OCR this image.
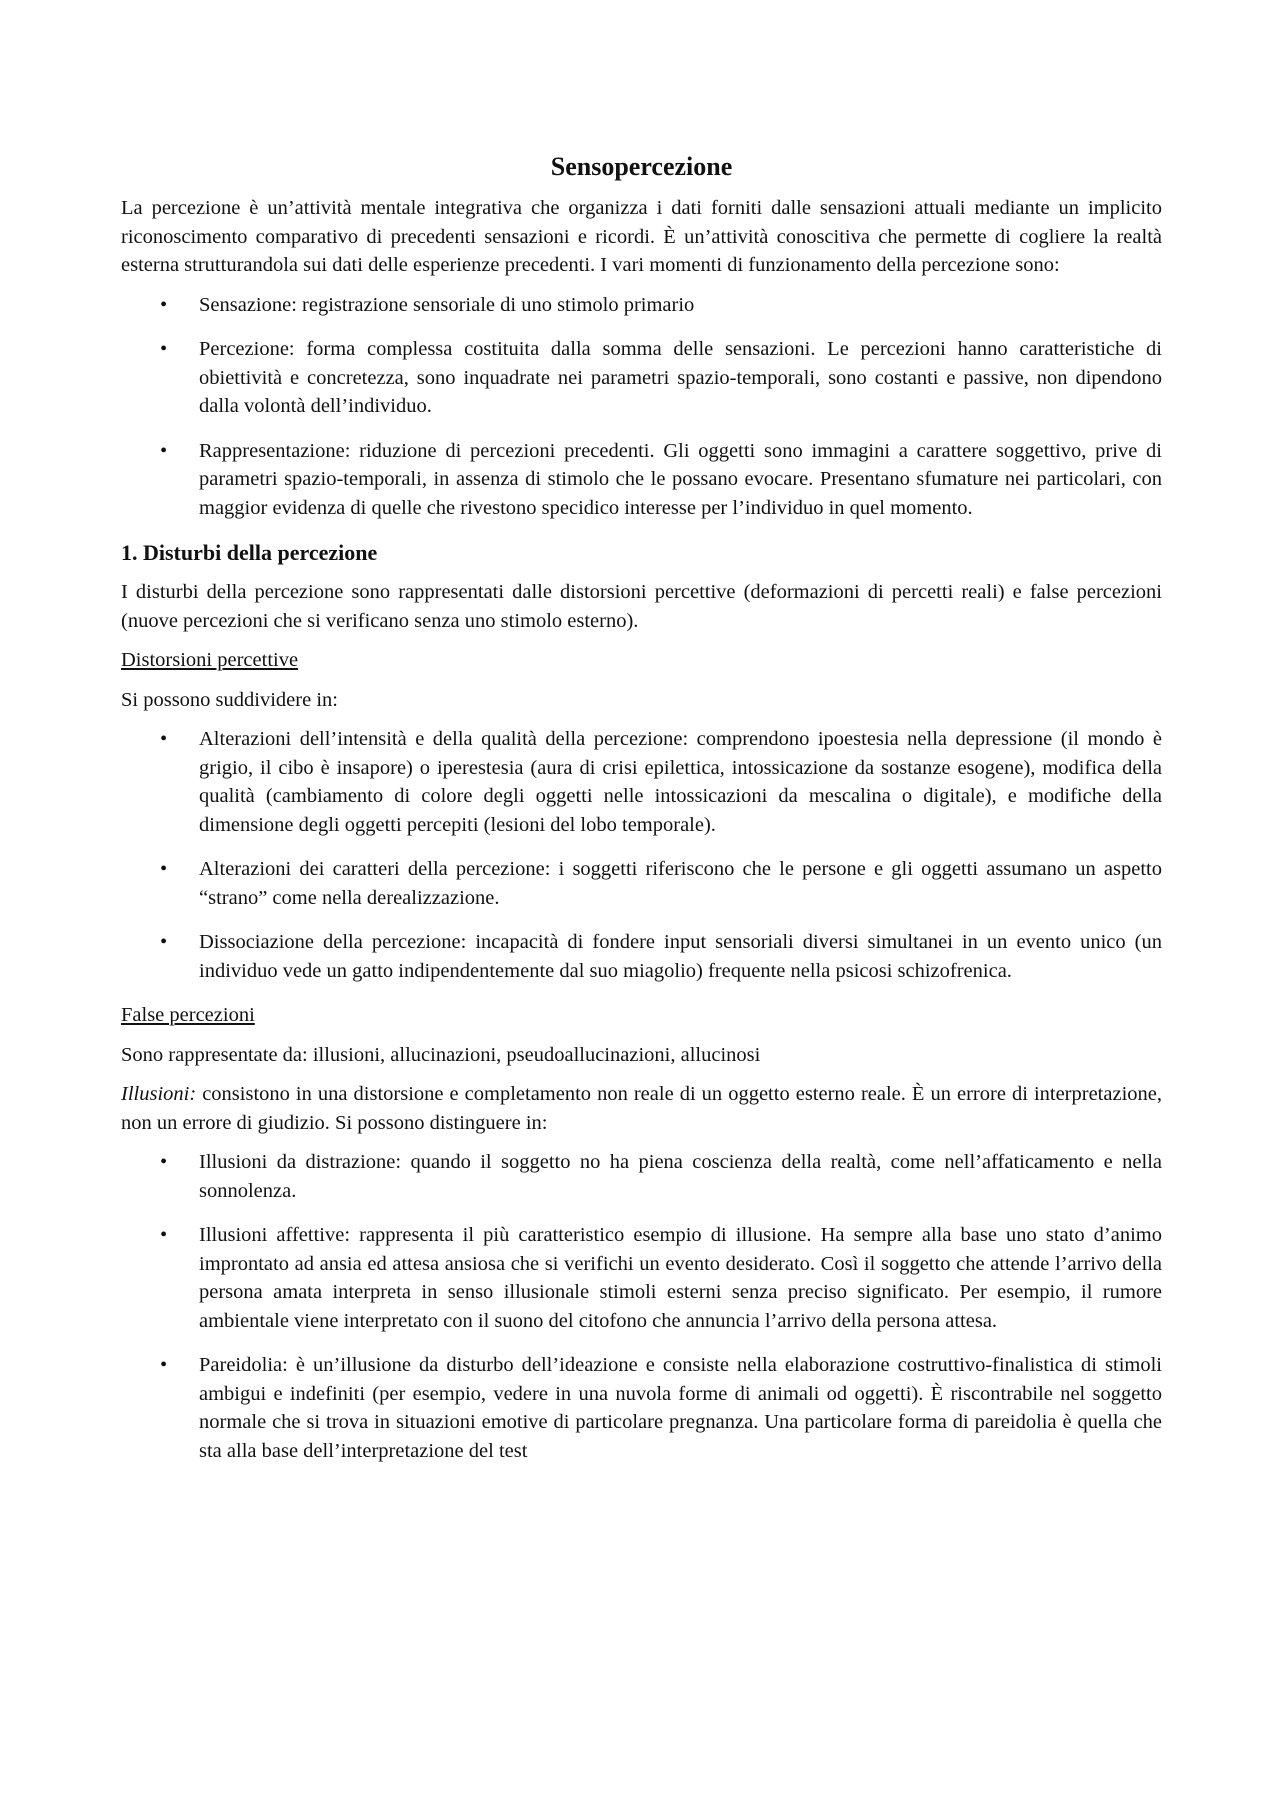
Sensopercezione

La percezione è un’attività mentale integrativa che organizza i dati forniti dalle sensazioni attuali mediante un implicito riconoscimento comparativo di precedenti sensazioni e ricordi. È un’attività conoscitiva che permette di cogliere la realtà esterna strutturandola sui dati delle esperienze precedenti. I vari momenti di funzionamento della percezione sono:

• Sensazione: registrazione sensoriale di uno stimolo primario
• Percezione: forma complessa costituita dalla somma delle sensazioni. Le percezioni hanno caratteristiche di obiettività e concretezza, sono inquadrate nei parametri spazio-temporali, sono costanti e passive, non dipendono dalla volontà dell’individuo.
• Rappresentazione: riduzione di percezioni precedenti. Gli oggetti sono immagini a carattere soggettivo, prive di parametri spazio-temporali, in assenza di stimolo che le possano evocare. Presentano sfumature nei particolari, con maggior evidenza di quelle che rivestono specidico interesse per l’individuo in quel momento.
1. Disturbi della percezione

I disturbi della percezione sono rappresentati dalle distorsioni percettive (deformazioni di percetti reali) e false percezioni (nuove percezioni che si verificano senza uno stimolo esterno).

Distorsioni percettive

Si possono suddividere in:

• Alterazioni dell’intensità e della qualità della percezione: comprendono ipoestesia nella depressione (il mondo è grigio, il cibo è insapore) o iperestesia (aura di crisi epilettica, intossicazione da sostanze esogene), modifica della qualità (cambiamento di colore degli oggetti nelle intossicazioni da mescalina o digitale), e modifiche della dimensione degli oggetti percepiti (lesioni del lobo temporale).
• Alterazioni dei caratteri della percezione: i soggetti riferiscono che le persone e gli oggetti assumano un aspetto “strano” come nella derealizzazione.
• Dissociazione della percezione: incapacità di fondere input sensoriali diversi simultanei in un evento unico (un individuo vede un gatto indipendentemente dal suo miagolio) frequente nella psicosi schizofrenica.

False percezioni

Sono rappresentate da: illusioni, allucinazioni, pseudoallucinazioni, allucinosi

Illusioni: consistono in una distorsione e completamento non reale di un oggetto esterno reale. È un errore di interpretazione, non un errore di giudizio. Si possono distinguere in:

• Illusioni da distrazione: quando il soggetto no ha piena coscienza della realtà, come nell’affaticamento e nella sonnolenza.
• Illusioni affettive: rappresenta il più caratteristico esempio di illusione. Ha sempre alla base uno stato d’animo improntato ad ansia ed attesa ansiosa che si verifichi un evento desiderato. Così il soggetto che attende l’arrivo della persona amata interpreta in senso illusionale stimoli esterni senza preciso significato. Per esempio, il rumore ambientale viene interpretato con il suono del citofono che annuncia l’arrivo della persona attesa.
• Pareidolia: è un’illusione da disturbo dell’ideazione e consiste nella elaborazione costruttivo-finalistica di stimoli ambigui e indefiniti (per esempio, vedere in una nuvola forme di animali od oggetti). È riscontrabile nel soggetto normale che si trova in situazioni emotive di particolare pregnanza. Una particolare forma di pareidolia è quella che sta alla base dell’interpretazione del test
